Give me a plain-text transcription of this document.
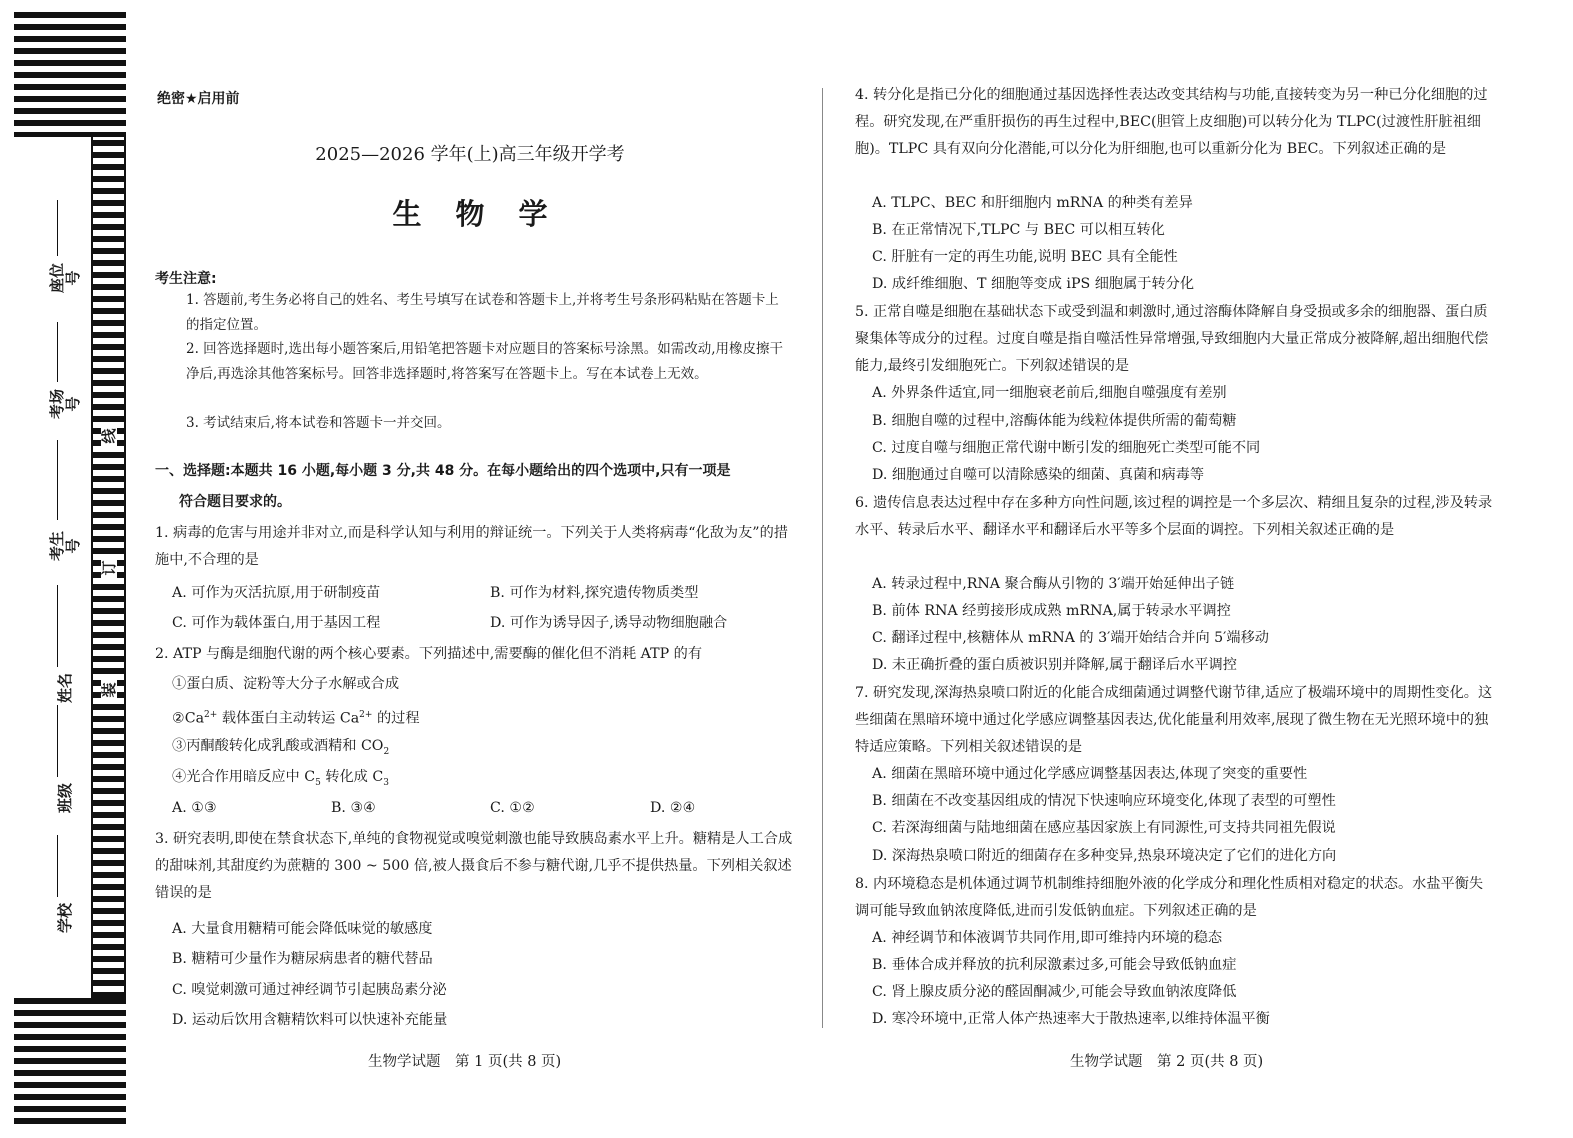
座位号
考场号
考生号
姓名
班级
学校
线
订
装
绝密★启用前
2025—2026 学年(上)高三年级开学考
生物学
考生注意:
1. 答题前,考生务必将自己的姓名、考生号填写在试卷和答题卡上,并将考生号条形码粘贴在答题卡上的指定位置。
2. 回答选择题时,选出每小题答案后,用铅笔把答题卡对应题目的答案标号涂黑。如需改动,用橡皮擦干净后,再选涂其他答案标号。回答非选择题时,将答案写在答题卡上。写在本试卷上无效。
3. 考试结束后,将本试卷和答题卡一并交回。
一、选择题:本题共 16 小题,每小题 3 分,共 48 分。在每小题给出的四个选项中,只有一项是
符合题目要求的。
1. 病毒的危害与用途并非对立,而是科学认知与利用的辩证统一。下列关于人类将病毒“化敌为友”的措施中,不合理的是
A. 可作为灭活抗原,用于研制疫苗	B. 可作为材料,探究遗传物质类型
C. 可作为载体蛋白,用于基因工程	D. 可作为诱导因子,诱导动物细胞融合
2. ATP 与酶是细胞代谢的两个核心要素。下列描述中,需要酶的催化但不消耗 ATP 的有
①蛋白质、淀粉等大分子水解或合成
$②Ca^{2+}$ 载体蛋白主动转运 $Ca^{2+}$ 的过程
③丙酮酸转化成乳酸或酒精和 $CO_2$
④光合作用暗反应中 $C_5$ 转化成 $C_3$
A. ①③	B. ③④	C. ①②	D. ②④
3. 研究表明,即使在禁食状态下,单纯的食物视觉或嗅觉刺激也能导致胰岛素水平上升。糖精是人工合成的甜味剂,其甜度约为蔗糖的 300 ~ 500 倍,被人摄食后不参与糖代谢,几乎不提供热量。下列相关叙述错误的是
A. 大量食用糖精可能会降低味觉的敏感度
B. 糖精可少量作为糖尿病患者的糖代替品
C. 嗅觉刺激可通过神经调节引起胰岛素分泌
D. 运动后饮用含糖精饮料可以快速补充能量
生物学试题　第 1 页(共 8 页)
4. 转分化是指已分化的细胞通过基因选择性表达改变其结构与功能,直接转变为另一种已分化细胞的过程。研究发现,在严重肝损伤的再生过程中,BEC(胆管上皮细胞)可以转分化为 TLPC(过渡性肝脏祖细胞)。TLPC 具有双向分化潜能,可以分化为肝细胞,也可以重新分化为 BEC。下列叙述正确的是
A. TLPC、BEC 和肝细胞内 mRNA 的种类有差异
B. 在正常情况下,TLPC 与 BEC 可以相互转化
C. 肝脏有一定的再生功能,说明 BEC 具有全能性
D. 成纤维细胞、T 细胞等变成 iPS 细胞属于转分化
5. 正常自噬是细胞在基础状态下或受到温和刺激时,通过溶酶体降解自身受损或多余的细胞器、蛋白质聚集体等成分的过程。过度自噬是指自噬活性异常增强,导致细胞内大量正常成分被降解,超出细胞代偿能力,最终引发细胞死亡。下列叙述错误的是
A. 外界条件适宜,同一细胞衰老前后,细胞自噬强度有差别
B. 细胞自噬的过程中,溶酶体能为线粒体提供所需的葡萄糖
C. 过度自噬与细胞正常代谢中断引发的细胞死亡类型可能不同
D. 细胞通过自噬可以清除感染的细菌、真菌和病毒等
6. 遗传信息表达过程中存在多种方向性问题,该过程的调控是一个多层次、精细且复杂的过程,涉及转录水平、转录后水平、翻译水平和翻译后水平等多个层面的调控。下列相关叙述正确的是
A. 转录过程中,RNA 聚合酶从引物的 3′端开始延伸出子链
B. 前体 RNA 经剪接形成成熟 mRNA,属于转录水平调控
C. 翻译过程中,核糖体从 mRNA 的 3′端开始结合并向 5′端移动
D. 未正确折叠的蛋白质被识别并降解,属于翻译后水平调控
7. 研究发现,深海热泉喷口附近的化能合成细菌通过调整代谢节律,适应了极端环境中的周期性变化。这些细菌在黑暗环境中通过化学感应调整基因表达,优化能量利用效率,展现了微生物在无光照环境中的独特适应策略。下列相关叙述错误的是
A. 细菌在黑暗环境中通过化学感应调整基因表达,体现了突变的重要性
B. 细菌在不改变基因组成的情况下快速响应环境变化,体现了表型的可塑性
C. 若深海细菌与陆地细菌在感应基因家族上有同源性,可支持共同祖先假说
D. 深海热泉喷口附近的细菌存在多种变异,热泉环境决定了它们的进化方向
8. 内环境稳态是机体通过调节机制维持细胞外液的化学成分和理化性质相对稳定的状态。水盐平衡失调可能导致血钠浓度降低,进而引发低钠血症。下列叙述正确的是
A. 神经调节和体液调节共同作用,即可维持内环境的稳态
B. 垂体合成并释放的抗利尿激素过多,可能会导致低钠血症
C. 肾上腺皮质分泌的醛固酮减少,可能会导致血钠浓度降低
D. 寒冷环境中,正常人体产热速率大于散热速率,以维持体温平衡
生物学试题　第 2 页(共 8 页)
